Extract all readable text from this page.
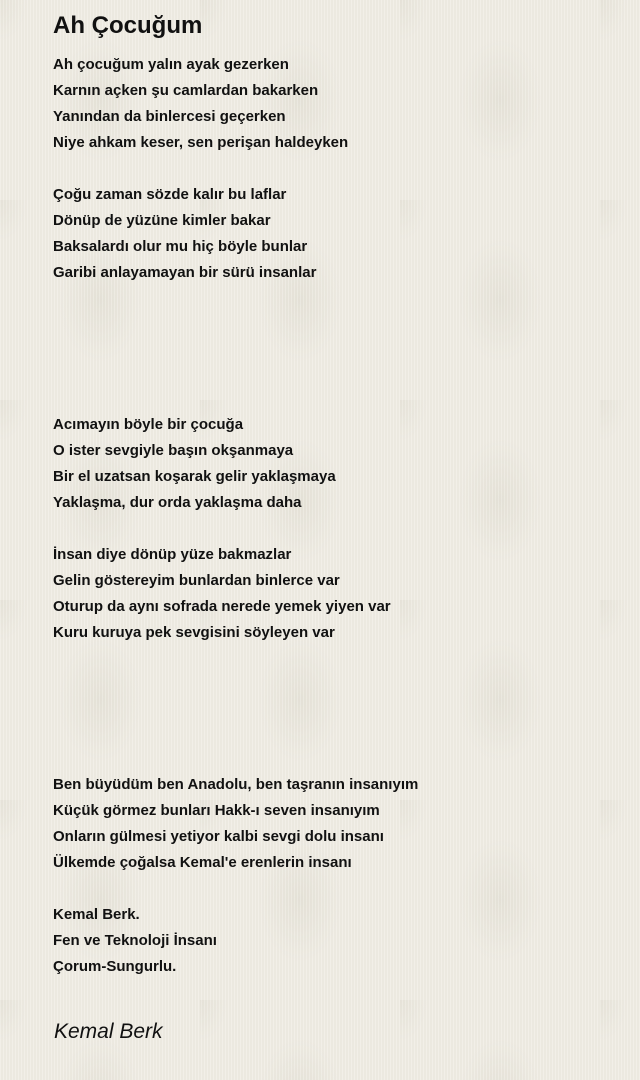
Ah Çocuğum
Ah çocuğum yalın ayak gezerken
Karnın açken şu camlardan bakarken
Yanından da binlercesi geçerken
Niye ahkam keser, sen perişan haldeyken
Çoğu zaman sözde kalır bu laflar
Dönüp de yüzüne kimler bakar
Baksalardı olur mu hiç böyle bunlar
Garibi anlayamayan bir sürü insanlar
Acımayın böyle bir çocuğa
O ister sevgiyle başın okşanmaya
Bir el uzatsan koşarak gelir yaklaşmaya
Yaklaşma, dur orda yaklaşma daha
İnsan diye dönüp yüze bakmazlar
Gelin göstereyim bunlardan binlerce var
Oturup da aynı sofrada nerede yemek yiyen var
Kuru kuruya pek sevgisini söyleyen var
Ben büyüdüm ben Anadolu, ben taşranın insanıyım
Küçük görmez bunları Hakk-ı seven insanıyım
Onların gülmesi yetiyor kalbi sevgi dolu insanı
Ülkemde çoğalsa Kemal'e erenlerin insanı
Kemal Berk.
Fen ve Teknoloji İnsanı
Çorum-Sungurlu.
Kemal Berk
